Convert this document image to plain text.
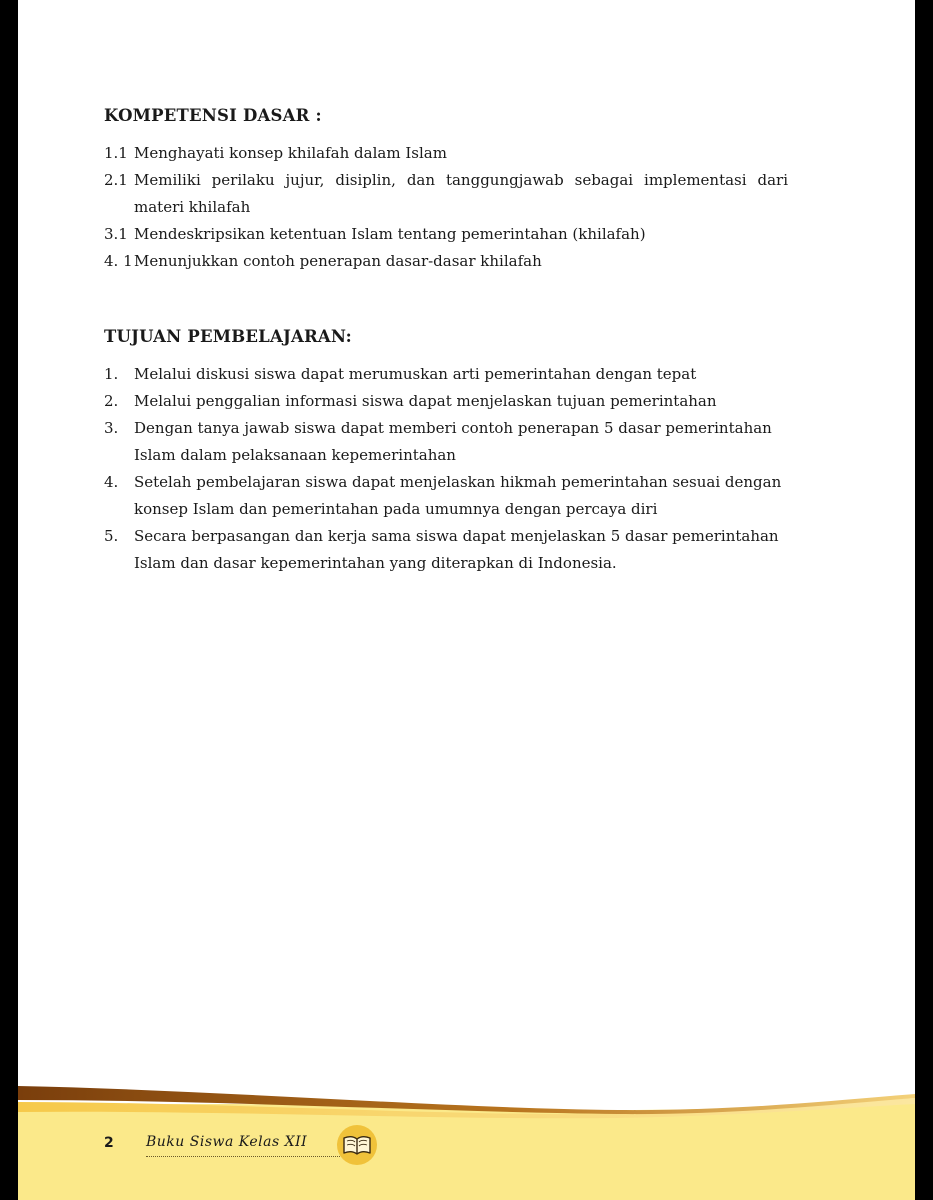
KOMPETENSI DASAR :
1.1 Menghayati konsep khilafah dalam Islam
2.1 Memiliki perilaku jujur, disiplin, dan tanggungjawab sebagai implementasi dari
materi khilafah
3.1 Mendeskripsikan ketentuan Islam tentang pemerintahan (khilafah)
4. 1 Menunjukkan contoh penerapan dasar-dasar khilafah
TUJUAN PEMBELAJARAN:
1.	Melalui diskusi siswa dapat merumuskan arti pemerintahan dengan tepat
2.	Melalui penggalian informasi siswa dapat menjelaskan tujuan pemerintahan
3.	Dengan tanya jawab siswa dapat memberi contoh penerapan 5 dasar pemerintahan Islam dalam pelaksanaan kepemerintahan
4.	Setelah pembelajaran siswa dapat menjelaskan hikmah pemerintahan sesuai dengan konsep Islam dan pemerintahan pada umumnya dengan percaya diri
5.	Secara berpasangan dan kerja sama siswa dapat menjelaskan 5 dasar pemerintahan Islam dan dasar kepemerintahan yang diterapkan di Indonesia.
2 Buku Siswa Kelas XII
